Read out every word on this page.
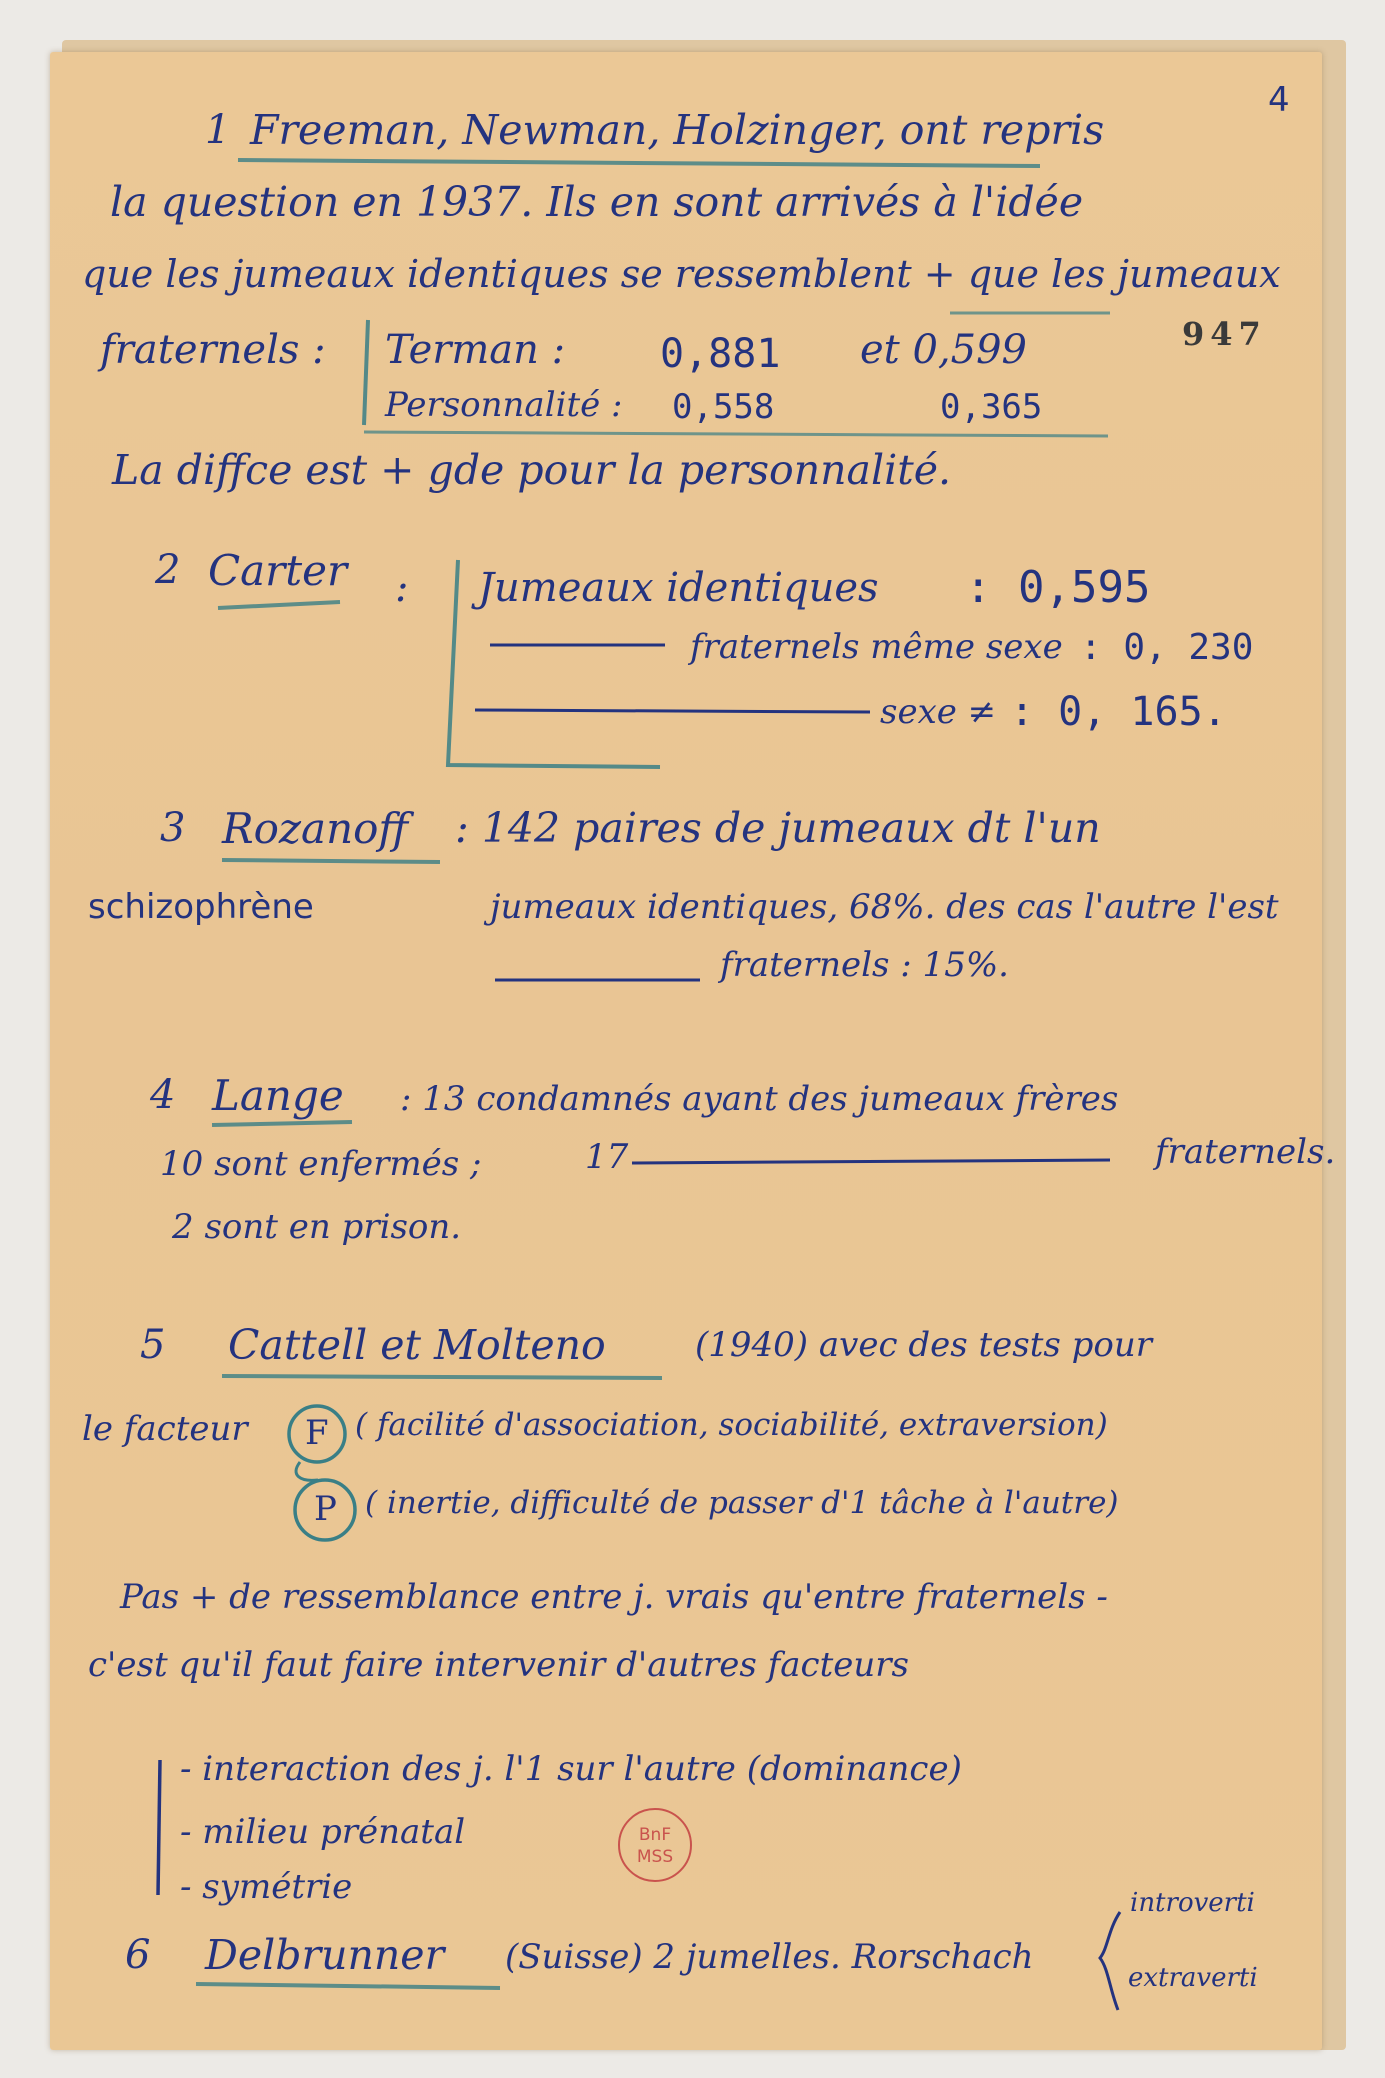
4
947
1 Freeman, Newman, Holzinger, ont repris
la question en 1937. Ils en sont arrivés à l'idée
que les jumeaux identiques se ressemblent + que les jumeaux
fraternels : Terman : 0,881 et 0,599
Personnalité : 0,558	0,365
La diffce est + gde pour la personnalité.
2 Carter : Jumeaux identiques : 0,595
fraternels même sexe : 0, 230
sexe ≠ : 0, 165.
3 Rozanoff : 142 paires de jumeaux dt l'un
schizophrène	jumeaux identiques, 68%. des cas l'autre l'est
fraternels : 15%.
4 Lange : 13 condamnés ayant des jumeaux frères
10 sont enfermés ;	17	fraternels.
2 sont en prison.
5 Cattell et Molteno	(1940) avec des tests pour
le facteur F ( facilité d'association, sociabilité, extraversion)
P ( inertie, difficulté de passer d'1 tâche à l'autre)
Pas + de ressemblance entre j. vrais qu'entre fraternels -
c'est qu'il faut faire intervenir d'autres facteurs
- interaction des j. l'1 sur l'autre (dominance)
- milieu prénatal
- symétrie
6 Delbrunner (Suisse) 2 jumelles. Rorschach
introverti
extraverti
BnF
MSS
